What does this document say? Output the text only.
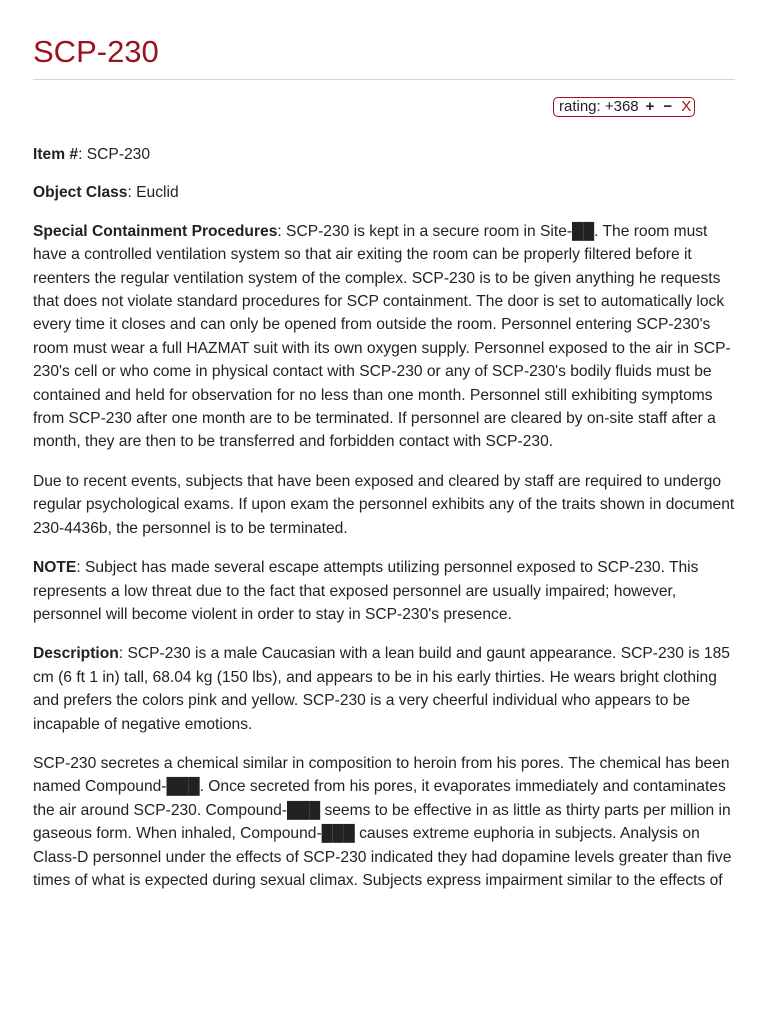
SCP-230
rating: +368 + − X

Item #: SCP-230

Object Class: Euclid

Special Containment Procedures: SCP-230 is kept in a secure room in Site-██. The room must have a controlled ventilation system so that air exiting the room can be properly filtered before it reenters the regular ventilation system of the complex. SCP-230 is to be given anything he requests that does not violate standard procedures for SCP containment. The door is set to automatically lock every time it closes and can only be opened from outside the room. Personnel entering SCP-230's room must wear a full HAZMAT suit with its own oxygen supply. Personnel exposed to the air in SCP-230's cell or who come in physical contact with SCP-230 or any of SCP-230's bodily fluids must be contained and held for observation for no less than one month. Personnel still exhibiting symptoms from SCP-230 after one month are to be terminated. If personnel are cleared by on-site staff after a month, they are then to be transferred and forbidden contact with SCP-230.

Due to recent events, subjects that have been exposed and cleared by staff are required to undergo regular psychological exams. If upon exam the personnel exhibits any of the traits shown in document 230-4436b, the personnel is to be terminated.

NOTE: Subject has made several escape attempts utilizing personnel exposed to SCP-230. This represents a low threat due to the fact that exposed personnel are usually impaired; however, personnel will become violent in order to stay in SCP-230's presence.

Description: SCP-230 is a male Caucasian with a lean build and gaunt appearance. SCP-230 is 185 cm (6 ft 1 in) tall, 68.04 kg (150 lbs), and appears to be in his early thirties. He wears bright clothing and prefers the colors pink and yellow. SCP-230 is a very cheerful individual who appears to be incapable of negative emotions.

SCP-230 secretes a chemical similar in composition to heroin from his pores. The chemical has been named Compound-███. Once secreted from his pores, it evaporates immediately and contaminates the air around SCP-230. Compound-███ seems to be effective in as little as thirty parts per million in gaseous form. When inhaled, Compound-███ causes extreme euphoria in subjects. Analysis on Class-D personnel under the effects of SCP-230 indicated they had dopamine levels greater than five times of what is expected during sexual climax. Subjects express impairment similar to the effects of
